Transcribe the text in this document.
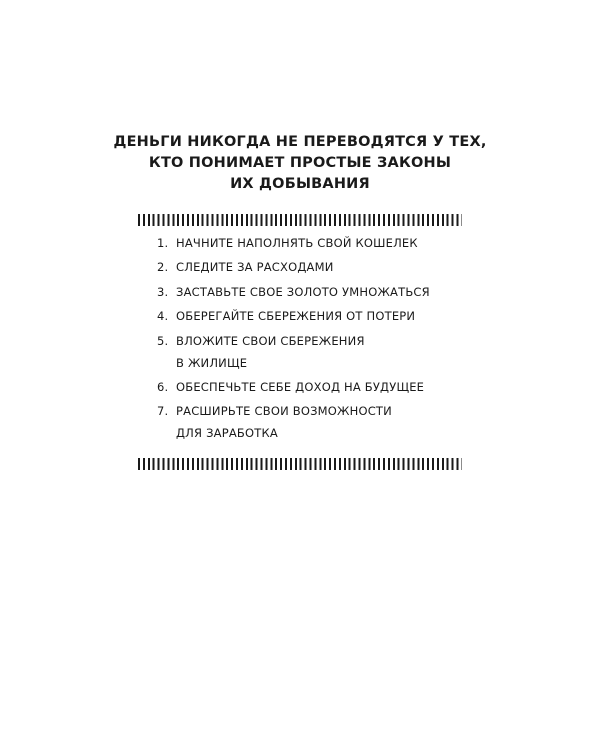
ДЕНЬГИ НИКОГДА НЕ ПЕРЕВОДЯТСЯ У ТЕХ,
КТО ПОНИМАЕТ ПРОСТЫЕ ЗАКОНЫ
ИХ ДОБЫВАНИЯ
1. НАЧНИТЕ НАПОЛНЯТЬ СВОЙ КОШЕЛЕК
2. СЛЕДИТЕ ЗА РАСХОДАМИ
3. ЗАСТАВЬТЕ СВОЕ ЗОЛОТО УМНОЖАТЬСЯ
4. ОБЕРЕГАЙТЕ СБЕРЕЖЕНИЯ ОТ ПОТЕРИ
5. ВЛОЖИТЕ СВОИ СБЕРЕЖЕНИЯ
В ЖИЛИЩЕ
6. ОБЕСПЕЧЬТЕ СЕБЕ ДОХОД НА БУДУЩЕЕ
7. РАСШИРЬТЕ СВОИ ВОЗМОЖНОСТИ
ДЛЯ ЗАРАБОТКА
